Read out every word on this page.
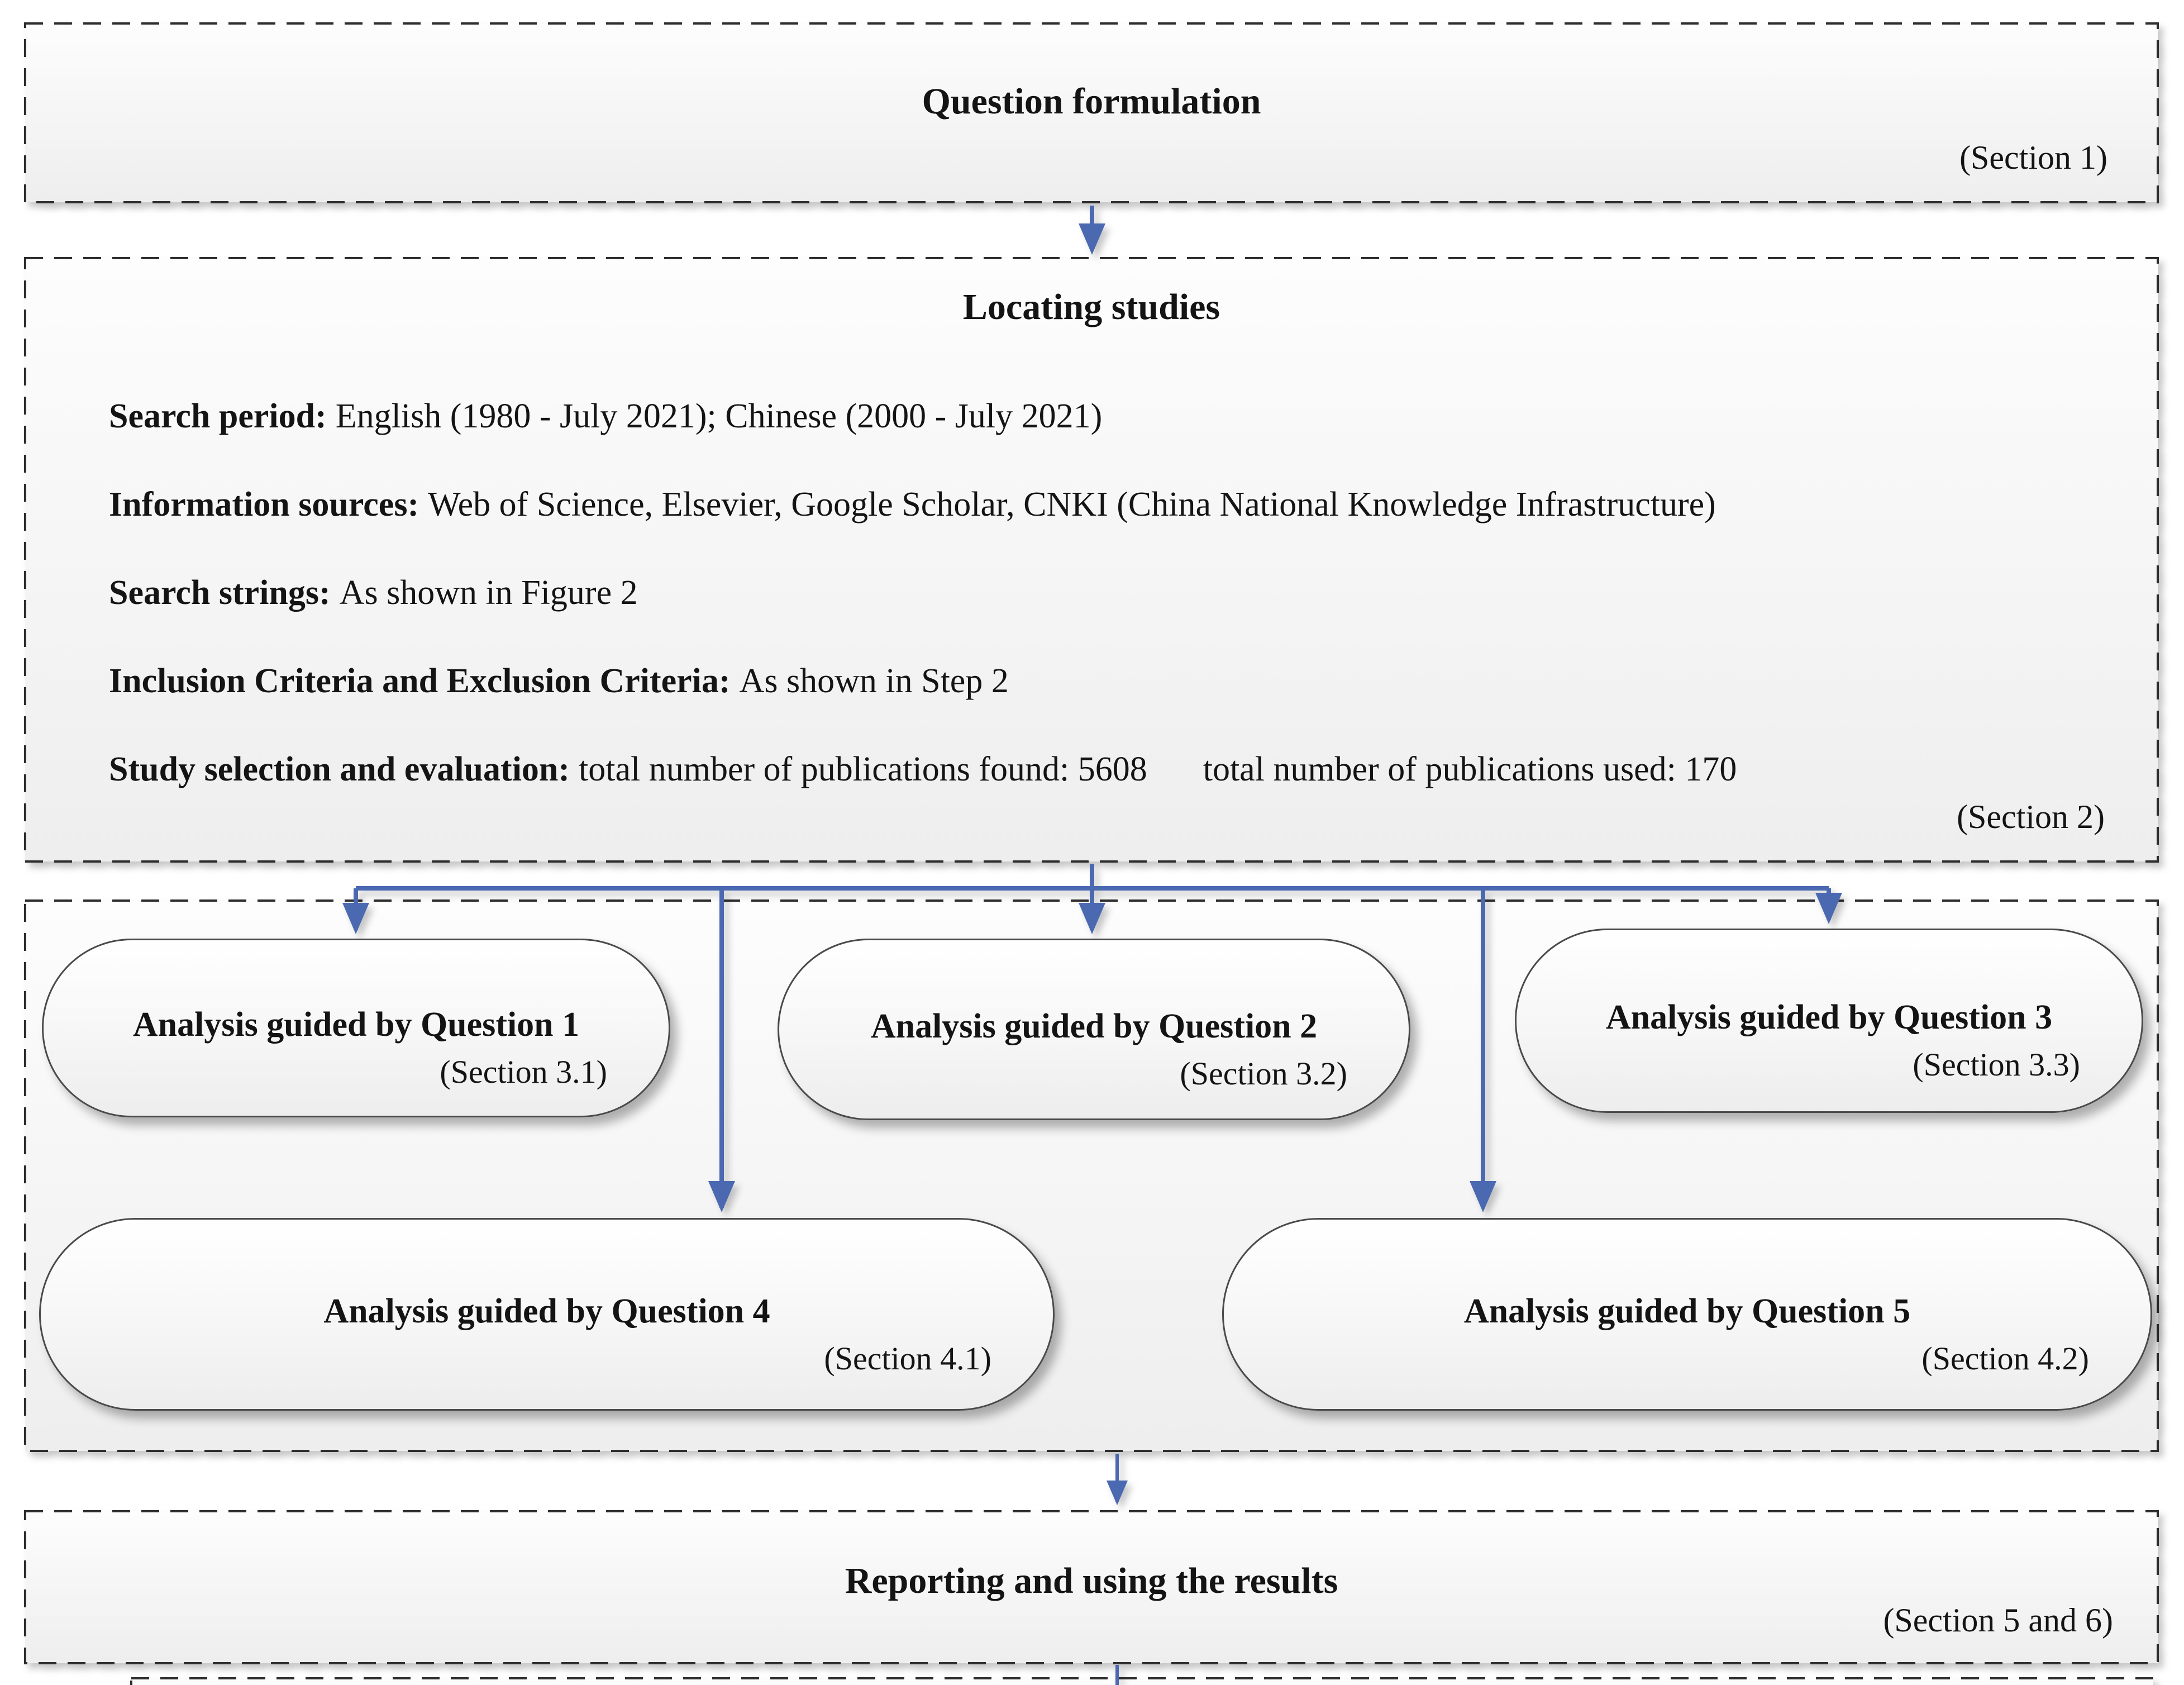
Question formulation
(Section 1)
Locating studies
Search period: English (1980 - July 2021); Chinese (2000 - July 2021)
Information sources: Web of Science, Elsevier, Google Scholar, CNKI (China National Knowledge Infrastructure)
Search strings: As shown in Figure 2
Inclusion Criteria and Exclusion Criteria: As shown in Step 2
Study selection and evaluation: total number of publications found: 5608 total number of publications used: 170
(Section 2)
Analysis guided by Question 1
(Section 3.1)
Analysis guided by Question 2
(Section 3.2)
Analysis guided by Question 3
(Section 3.3)
Analysis guided by Question 4
(Section 4.1)
Analysis guided by Question 5
(Section 4.2)
Reporting and using the results
(Section 5 and 6)
